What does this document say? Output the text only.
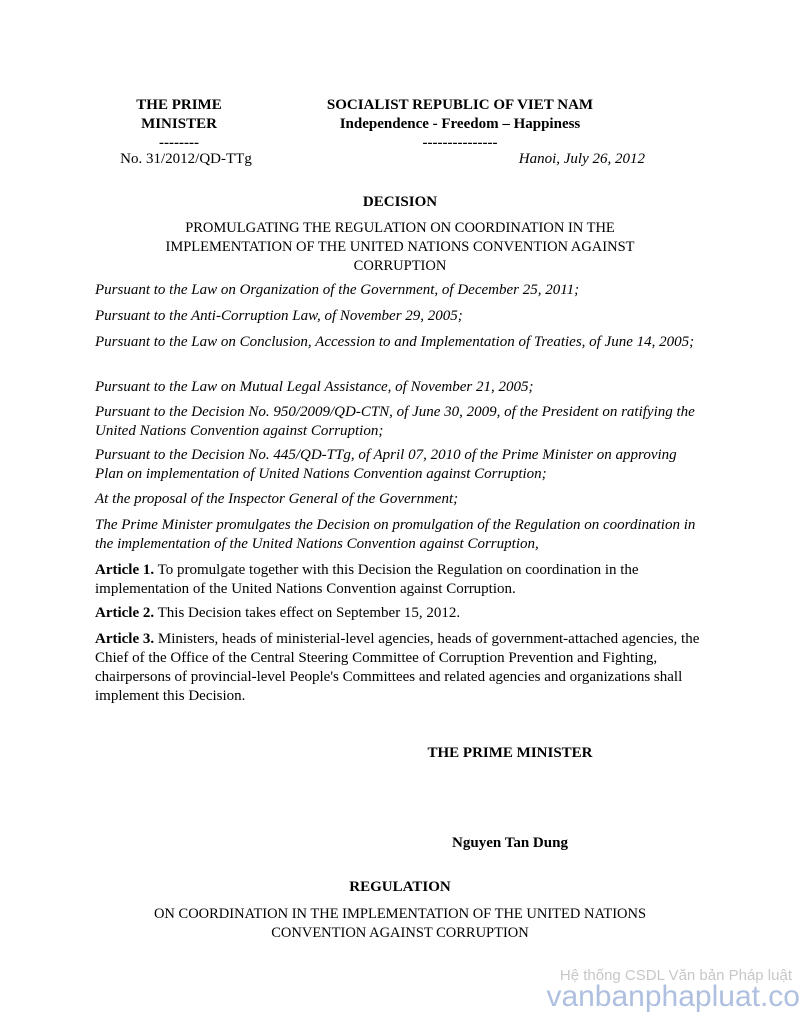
THE PRIME
MINISTER
--------
SOCIALIST REPUBLIC OF VIET NAM
Independence - Freedom – Happiness
---------------
No. 31/2012/QD-TTg	Hanoi, July 26, 2012
DECISION
PROMULGATING THE REGULATION ON COORDINATION IN THE
IMPLEMENTATION OF THE UNITED NATIONS CONVENTION AGAINST
CORRUPTION

Pursuant to the Law on Organization of the Government, of December 25, 2011;

Pursuant to the Anti-Corruption Law, of November 29, 2005;

Pursuant to the Law on Conclusion, Accession to and Implementation of Treaties, of June 14, 2005;

Pursuant to the Law on Mutual Legal Assistance, of November 21, 2005;

Pursuant to the Decision No. 950/2009/QD-CTN, of June 30, 2009, of the President on ratifying the United Nations Convention against Corruption;

Pursuant to the Decision No. 445/QD-TTg, of April 07, 2010 of the Prime Minister on approving Plan on implementation of United Nations Convention against Corruption;

At the proposal of the Inspector General of the Government;

The Prime Minister promulgates the Decision on promulgation of the Regulation on coordination in the implementation of the United Nations Convention against Corruption,

Article 1. To promulgate together with this Decision the Regulation on coordination in the implementation of the United Nations Convention against Corruption.

Article 2. This Decision takes effect on September 15, 2012.

Article 3. Ministers, heads of ministerial-level agencies, heads of government-attached agencies, the Chief of the Office of the Central Steering Committee of Corruption Prevention and Fighting, chairpersons of provincial-level People's Committees and related agencies and organizations shall implement this Decision.

THE PRIME MINISTER
Nguyen Tan Dung
REGULATION
ON COORDINATION IN THE IMPLEMENTATION OF THE UNITED NATIONS
CONVENTION AGAINST CORRUPTION
Hệ thống CSDL Văn bản Pháp luật
vanbanphapluat.co
